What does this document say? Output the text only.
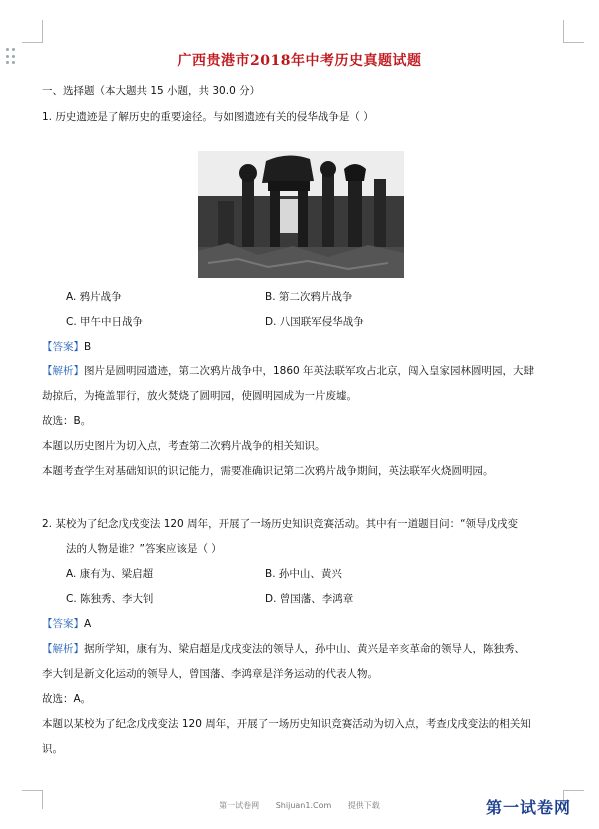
广西贵港市2018年中考历史真题试题
一、选择题（本大题共 15 小题，共 30.0 分）
1. 历史遗迹是了解历史的重要途径。与如图遗迹有关的侵华战争是（ ）
A. 鸦片战争	B. 第二次鸦片战争
C. 甲午中日战争	D. 八国联军侵华战争
【答案】B
【解析】图片是圆明园遗迹，第二次鸦片战争中，1860 年英法联军攻占北京，闯入皇家园林圆明园，大肆
劫掠后，为掩盖罪行，放火焚烧了圆明园，使圆明园成为一片废墟。
故选：B。
本题以历史图片为切入点，考查第二次鸦片战争的相关知识。
本题考查学生对基础知识的识记能力，需要准确识记第二次鸦片战争期间，英法联军火烧圆明园。
2. 某校为了纪念戊戌变法 120 周年，开展了一场历史知识竞赛活动。其中有一道题目问：“领导戊戌变
法的人物是谁？”答案应该是（ ）
A. 康有为、梁启超	B. 孙中山、黄兴
C. 陈独秀、李大钊	D. 曾国藩、李鸿章
【答案】A
【解析】据所学知，康有为、梁启超是戊戌变法的领导人，孙中山、黄兴是辛亥革命的领导人，陈独秀、
李大钊是新文化运动的领导人，曾国藩、李鸿章是洋务运动的代表人物。
故选：A。
本题以某校为了纪念戊戌变法 120 周年，开展了一场历史知识竞赛活动为切入点，考查戊戌变法的相关知
识。
第一试卷网 Shijuan1.Com 提供下载	第一试卷网
